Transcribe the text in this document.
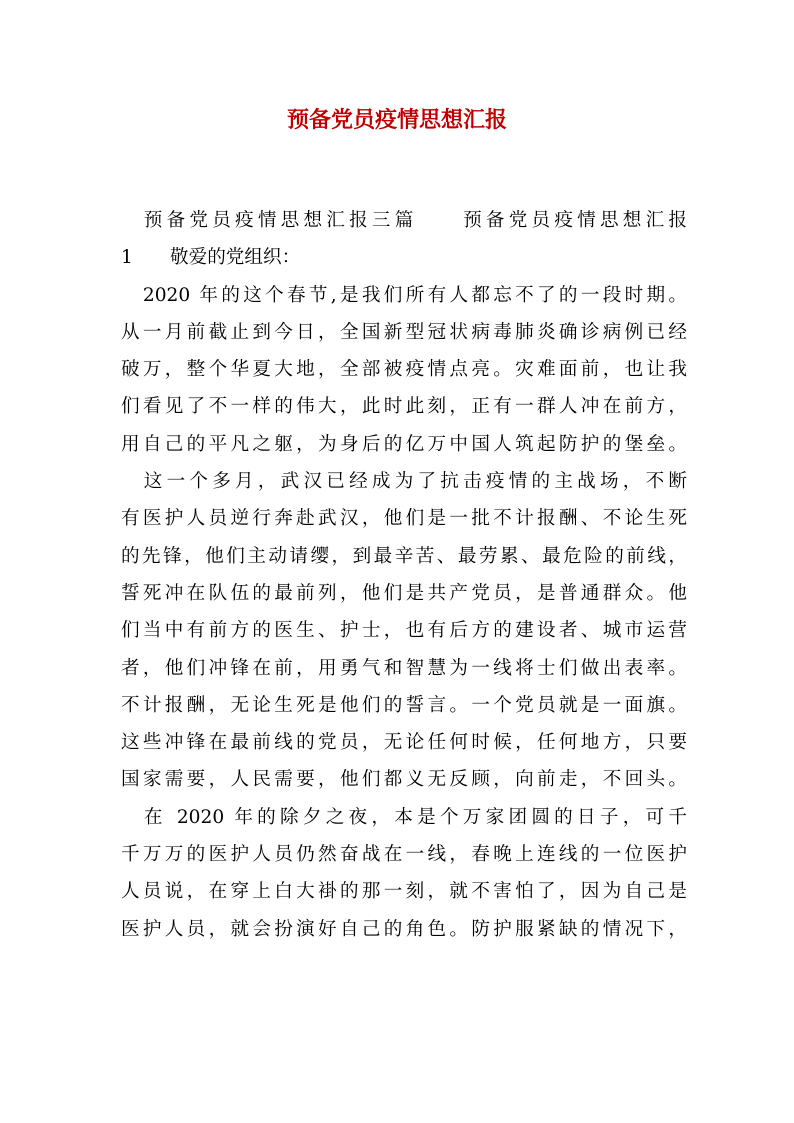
预备党员疫情思想汇报
　预备党员疫情思想汇报三篇　　预备党员疫情思想汇报
1　　敬爱的党组织：
　2020 年的这个春节,是我们所有人都忘不了的一段时期。
从一月前截止到今日，全国新型冠状病毒肺炎确诊病例已经
破万，整个华夏大地，全部被疫情点亮。灾难面前，也让我
们看见了不一样的伟大，此时此刻，正有一群人冲在前方，
用自己的平凡之躯，为身后的亿万中国人筑起防护的堡垒。
　这一个多月，武汉已经成为了抗击疫情的主战场，不断
有医护人员逆行奔赴武汉，他们是一批不计报酬、不论生死
的先锋，他们主动请缨，到最辛苦、最劳累、最危险的前线，
誓死冲在队伍的最前列，他们是共产党员，是普通群众。他
们当中有前方的医生、护士，也有后方的建设者、城市运营
者，他们冲锋在前，用勇气和智慧为一线将士们做出表率。
不计报酬，无论生死是他们的誓言。一个党员就是一面旗。
这些冲锋在最前线的党员，无论任何时候，任何地方，只要
国家需要，人民需要，他们都义无反顾，向前走，不回头。
　在 2020 年的除夕之夜，本是个万家团圆的日子，可千
千万万的医护人员仍然奋战在一线，春晚上连线的一位医护
人员说，在穿上白大褂的那一刻，就不害怕了，因为自己是
医护人员，就会扮演好自己的角色。防护服紧缺的情况下，
